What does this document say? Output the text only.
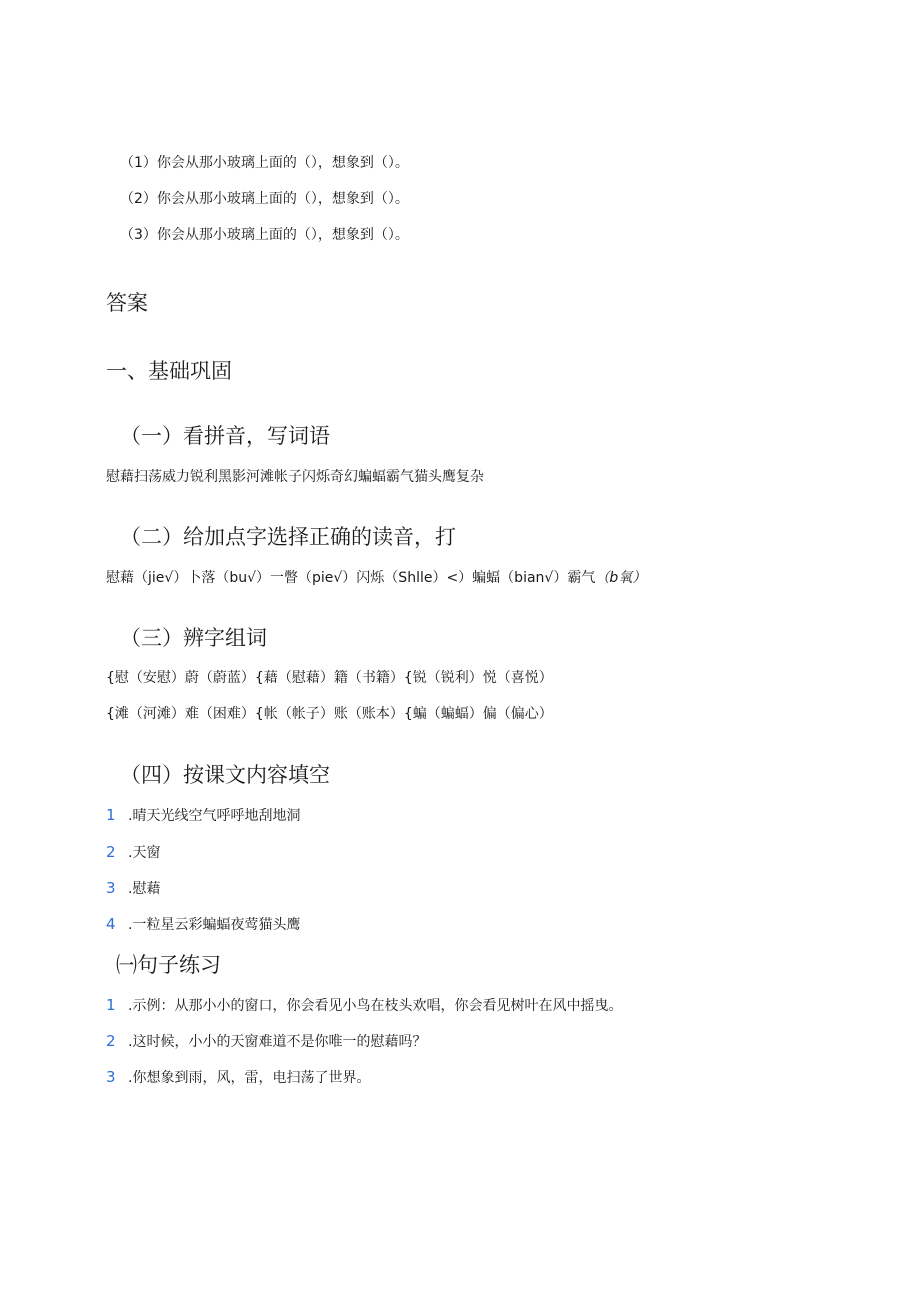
（1）你会从那小玻璃上面的（），想象到（）。
（2）你会从那小玻璃上面的（），想象到（）。
（3）你会从那小玻璃上面的（），想象到（）。
答案
一、基础巩固
（一）看拼音，写词语
慰藉扫荡威力锐利黑影河滩帐子闪烁奇幻蝙蝠霸气猫头鹰复杂
（二）给加点字选择正确的读音，打
慰藉（jie√）卜落（bu√）一瞥（pie√）闪烁（Shlle）<）蝙蝠（bian√）霸气（b氧）
（三）辨字组词
{慰（安慰）蔚（蔚蓝）{藉（慰藉）籍（书籍）{锐（锐利）悦（喜悦）
{滩（河滩）难（困难）{帐（帐子）账（账本）{蝙（蝙蝠）偏（偏心）
（四）按课文内容填空
1 .晴天光线空气呼呼地刮地洞
2 .天窗
3 .慰藉
4 .一粒星云彩蝙蝠夜莺猫头鹰
㈠句子练习
1 .示例：从那小小的窗口，你会看见小鸟在枝头欢唱，你会看见树叶在风中摇曳。
2 .这时候，小小的天窗难道不是你唯一的慰藉吗？
3 .你想象到雨，风，雷，电扫荡了世界。
